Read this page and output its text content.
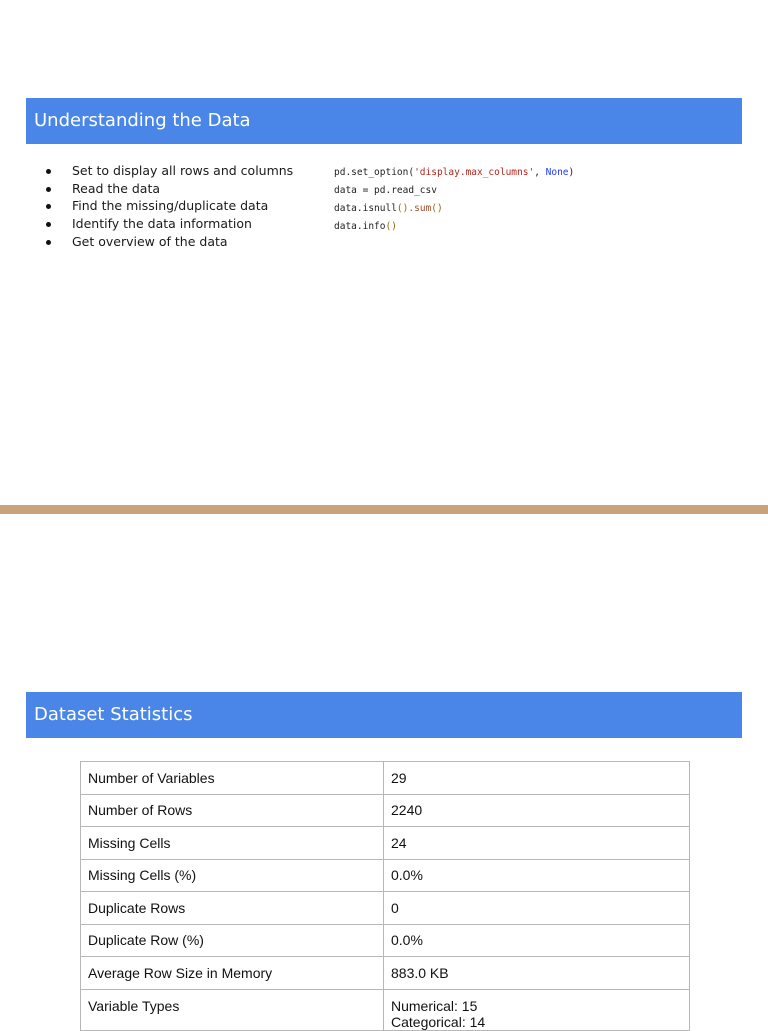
Understanding the Data
Set to display all rows and columns
Read the data
Find the missing/duplicate data
Identify the data information
Get overview of the data
pd.set_option('display.max_columns', None)
data = pd.read_csv
data.isnull().sum()
data.info()
Dataset Statistics
Number of Variables	29
Number of Rows	2240
Missing Cells	24
Missing Cells (%)	0.0%
Duplicate Rows	0
Duplicate Row (%)	0.0%
Average Row Size in Memory	883.0 KB
Variable Types	Numerical: 15
Categorical: 14
